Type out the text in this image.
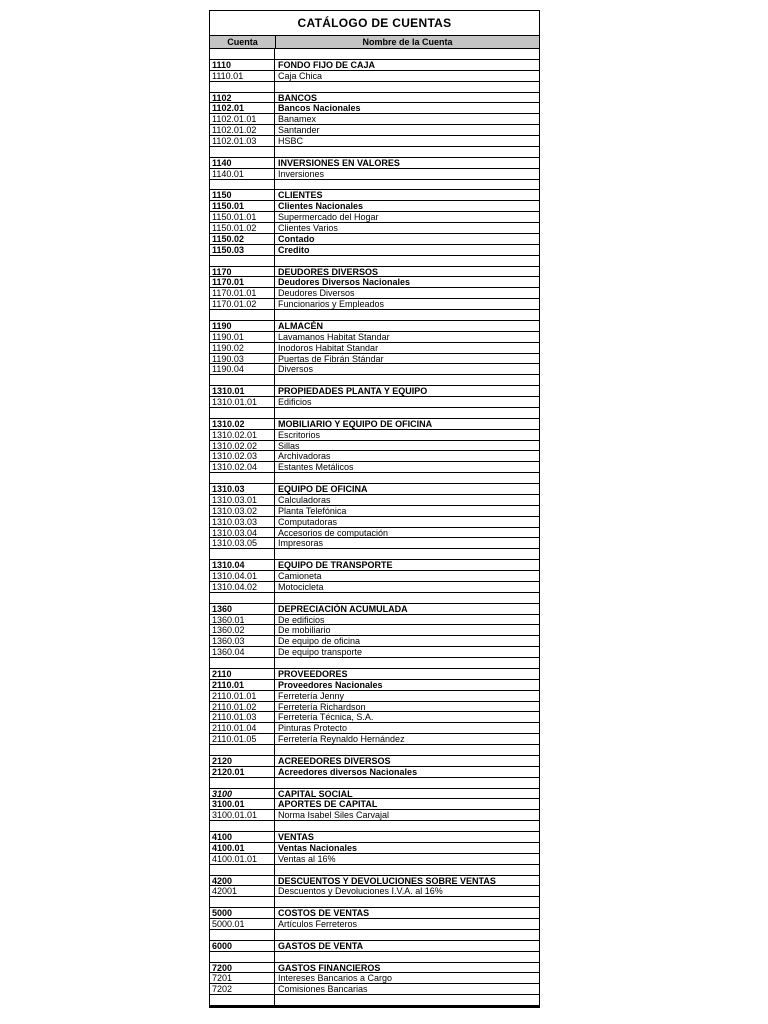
CATÁLOGO DE CUENTAS
Cuenta	Nombre de la Cuenta
1110	FONDO FIJO DE CAJA
1110.01	Caja Chica
1102	BANCOS
1102.01	Bancos Nacionales
1102.01.01	Banamex
1102.01.02	Santander
1102.01.03	HSBC
1140	INVERSIONES EN VALORES
1140.01	Inversiones
1150	CLIENTES
1150.01	Clientes Nacionales
1150.01.01	Supermercado del Hogar
1150.01.02	Clientes Varios
1150.02	Contado
1150.03	Credito
1170	DEUDORES DIVERSOS
1170.01	Deudores Diversos Nacionales
1170.01.01	Deudores Diversos
1170.01.02	Funcionarios y Empleados
1190	ALMACÉN
1190.01	Lavamanos Habitat Standar
1190.02	Inodoros Habitat Standar
1190.03	Puertas de Fibrán Stándar
1190.04	Diversos
1310.01	PROPIEDADES PLANTA Y EQUIPO
1310.01.01	Edificios
1310.02	MOBILIARIO Y EQUIPO DE OFICINA
1310.02.01	Escritorios
1310.02.02	Sillas
1310.02.03	Archivadoras
1310.02.04	Estantes Metálicos
1310.03	EQUIPO DE OFICINA
1310.03.01	Calculadoras
1310.03.02	Planta Telefónica
1310.03.03	Computadoras
1310.03.04	Accesorios de computación
1310.03.05	Impresoras
1310.04	EQUIPO DE TRANSPORTE
1310.04.01	Camioneta
1310.04.02	Motocicleta
1360	DEPRECIACIÓN ACUMULADA
1360.01	De edificios
1360.02	De mobiliario
1360.03	De equipo de oficina
1360.04	De equipo transporte
2110	PROVEEDORES
2110.01	Proveedores Nacionales
2110.01.01	Ferretería Jenny
2110.01.02	Ferretería Richardson
2110.01.03	Ferretería Técnica, S.A.
2110.01.04	Pinturas Protecto
2110.01.05	Ferretería Reynaldo Hernández
2120	ACREEDORES DIVERSOS
2120.01	Acreedores diversos Nacionales
3100	CAPITAL SOCIAL
3100.01	APORTES DE CAPITAL
3100.01.01	Norma Isabel Siles Carvajal
4100	VENTAS
4100.01	Ventas Nacionales
4100.01.01	Ventas al 16%
4200	DESCUENTOS Y DEVOLUCIONES SOBRE VENTAS
42001	Descuentos y Devoluciones I.V.A. al 16%
5000	COSTOS DE VENTAS
5000.01	Artículos Ferreteros
6000	GASTOS DE VENTA
7200	GASTOS FINANCIEROS
7201	Intereses Bancarios a Cargo
7202	Comisiones Bancarias
